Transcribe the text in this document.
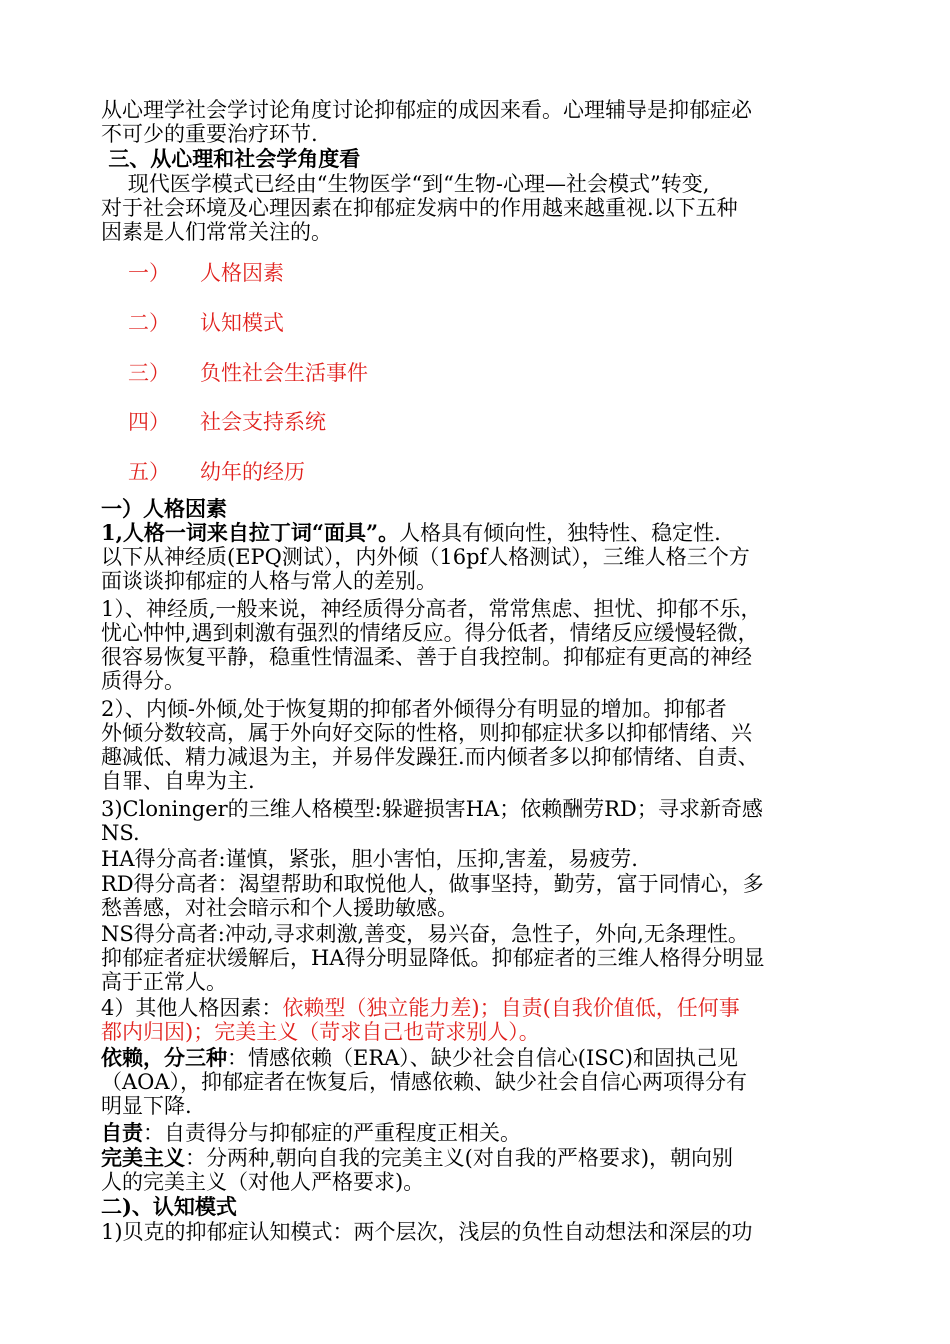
从心理学社会学讨论角度讨论抑郁症的成因来看。心理辅导是抑郁症必
不可少的重要治疗环节.

三、从心理和社会学角度看

现代医学模式已经由“生物医学“到“生物-心理—社会模式”转变,
对于社会环境及心理因素在抑郁症发病中的作用越来越重视.以下五种
因素是人们常常关注的。

一） 人格因素
二） 认知模式
三） 负性社会生活事件
四） 社会支持系统
五） 幼年的经历

一）人格因素

1,人格一词来自拉丁词“面具”。人格具有倾向性，独特性、稳定性.
以下从神经质(EPQ测试），内外倾（16pf人格测试），三维人格三个方
面谈谈抑郁症的人格与常人的差别。

1）、神经质,一般来说，神经质得分高者，常常焦虑、担忧、抑郁不乐，
忧心忡忡,遇到刺激有强烈的情绪反应。得分低者，情绪反应缓慢轻微，
很容易恢复平静，稳重性情温柔、善于自我控制。抑郁症有更高的神经
质得分。

2）、内倾-外倾,处于恢复期的抑郁者外倾得分有明显的增加。抑郁者
外倾分数较高，属于外向好交际的性格，则抑郁症状多以抑郁情绪、兴
趣减低、精力减退为主，并易伴发躁狂.而内倾者多以抑郁情绪、自责、
自罪、自卑为主.

3)Cloninger的三维人格模型:躲避损害HA；依赖酬劳RD；寻求新奇感
NS.

HA得分高者:谨慎，紧张，胆小害怕，压抑,害羞，易疲劳.

RD得分高者：渴望帮助和取悦他人，做事坚持，勤劳，富于同情心，多
愁善感，对社会暗示和个人援助敏感。

NS得分高者:冲动,寻求刺激,善变，易兴奋，急性子，外向,无条理性。
抑郁症者症状缓解后，HA得分明显降低。抑郁症者的三维人格得分明显
高于正常人。

4）其他人格因素：依赖型（独立能力差)；自责(自我价值低，任何事
都内归因)；完美主义（苛求自己也苛求别人）。

依赖，分三种：情感依赖（ERA）、缺少社会自信心(ISC)和固执己见
（AOA），抑郁症者在恢复后，情感依赖、缺少社会自信心两项得分有
明显下降.

自责：自责得分与抑郁症的严重程度正相关。

完美主义：分两种,朝向自我的完美主义(对自我的严格要求)，朝向别
人的完美主义（对他人严格要求)。

二)、认知模式

1)贝克的抑郁症认知模式：两个层次，浅层的负性自动想法和深层的功
